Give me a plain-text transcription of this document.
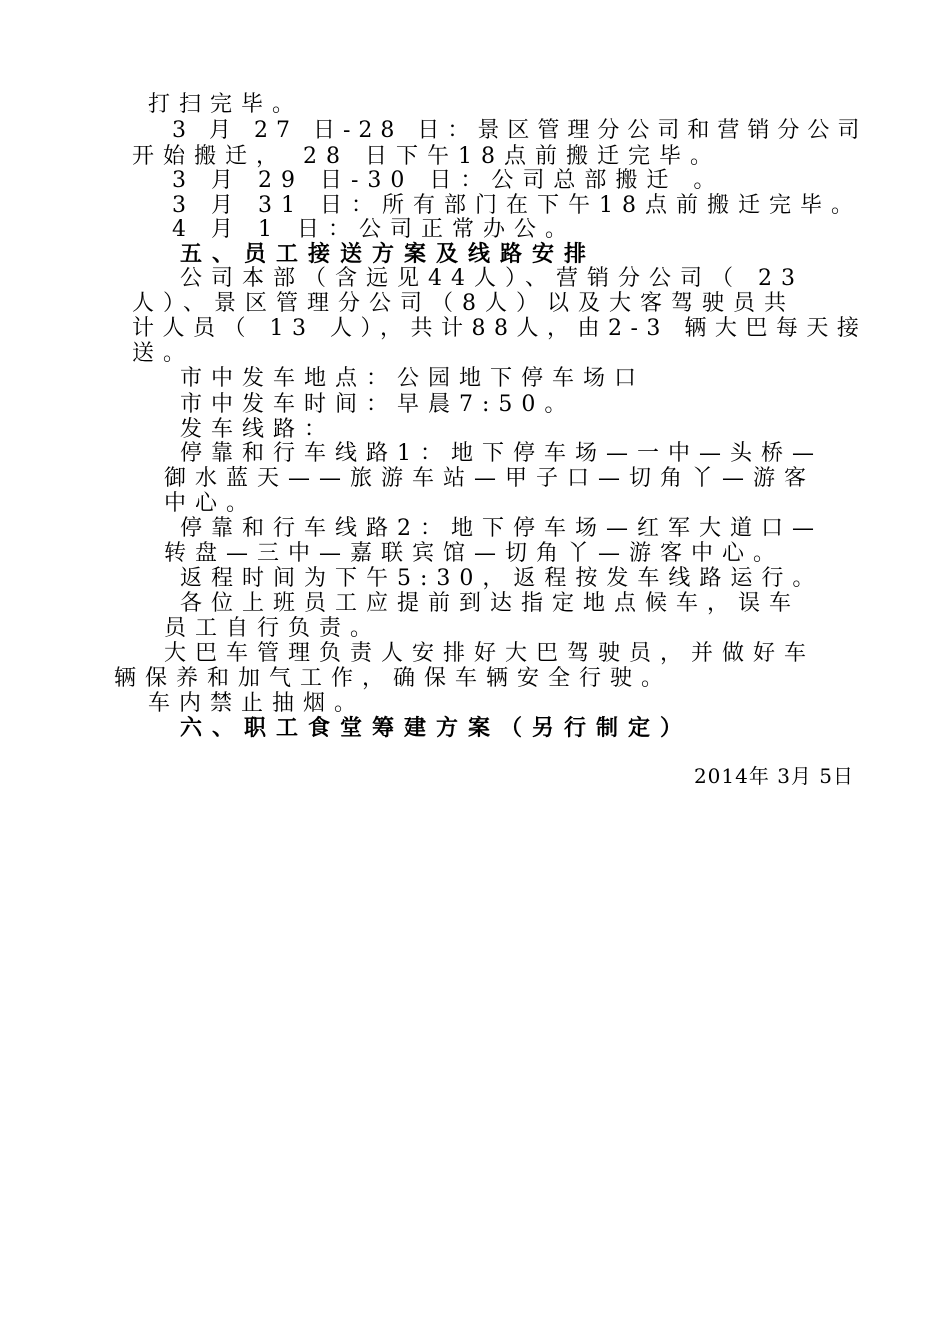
打扫完毕。
3 月 27 日-28 日：景区管理分公司和营销分公司
开始搬迁， 28 日下午18点前搬迁完毕。
3 月 29 日-30 日：公司总部搬迁 。
3 月 31 日：所有部门在下午18点前搬迁完毕。
4 月 1 日：公司正常办公。
五、员工接送方案及线路安排
公司本部（含远见44人）、营销分公司（ 23
人）、景区管理分公司（8人）以及大客驾驶员共
计人员（ 13 人），共计88人，由2-3 辆大巴每天接
送。
市中发车地点：公园地下停车场口
市中发车时间：早晨7:50。
发车线路：
停靠和行车线路1：地下停车场—一中—头桥—
御水蓝天——旅游车站—甲子口—切角丫—游客
中心。
停靠和行车线路2：地下停车场—红军大道口—
转盘—三中—嘉联宾馆—切角丫—游客中心。
返程时间为下午5:30，返程按发车线路运行。
各位上班员工应提前到达指定地点候车，误车
员工自行负责。
大巴车管理负责人安排好大巴驾驶员，并做好车
辆保养和加气工作，确保车辆安全行驶。
车内禁止抽烟。
六、职工食堂筹建方案（另行制定）
2014年 3月 5日
